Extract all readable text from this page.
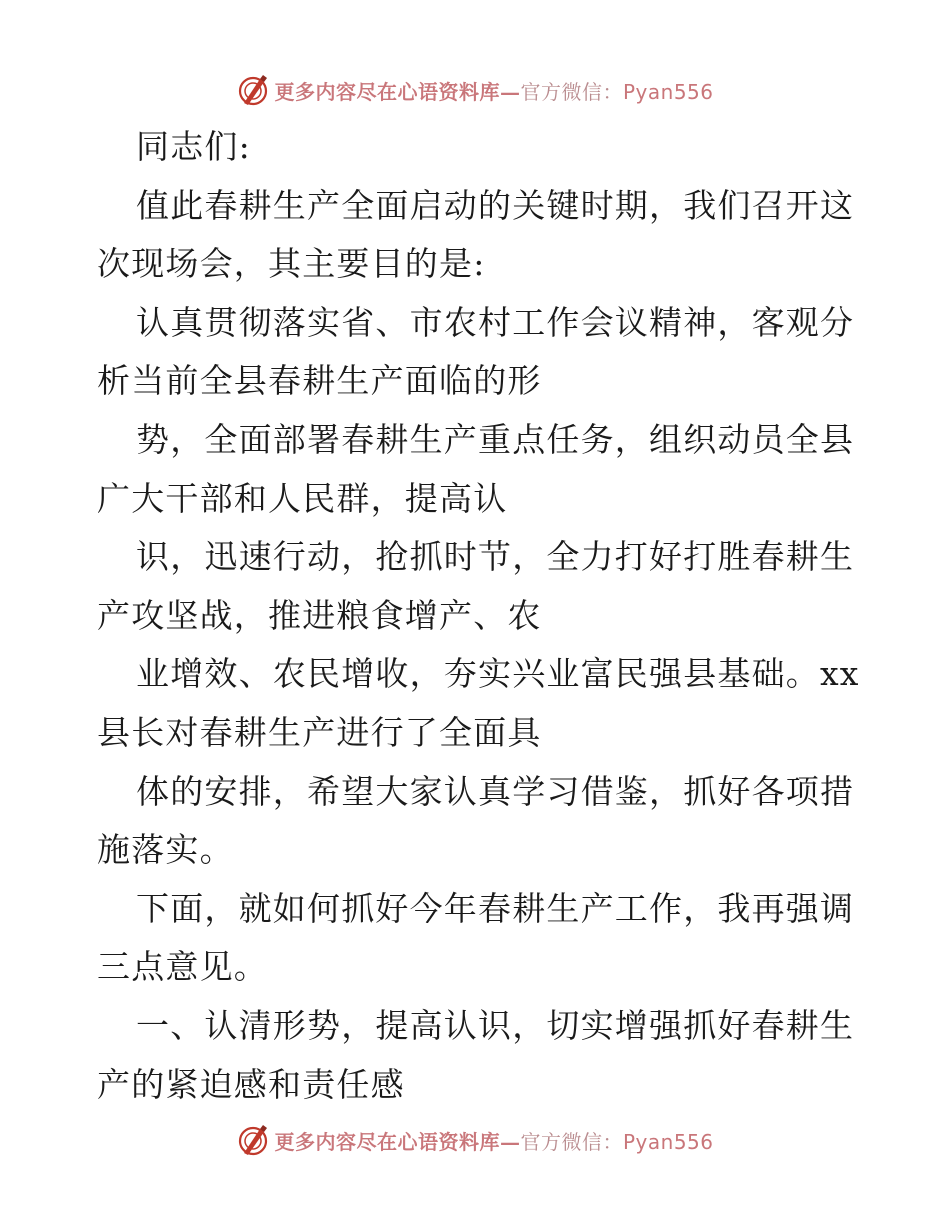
更多内容尽在心语资料库—官方微信：Pyan556
同志们:
值此春耕生产全面启动的关键时期，我们召开这
次现场会，其主要目的是:
认真贯彻落实省、市农村工作会议精神，客观分
析当前全县春耕生产面临的形
势，全面部署春耕生产重点任务，组织动员全县
广大干部和人民群，提高认
识，迅速行动，抢抓时节，全力打好打胜春耕生
产攻坚战，推进粮食增产、农
业增效、农民增收，夯实兴业富民强县基础。xx
县长对春耕生产进行了全面具
体的安排，希望大家认真学习借鉴，抓好各项措
施落实。
下面，就如何抓好今年春耕生产工作，我再强调
三点意见。
一、认清形势，提高认识，切实增强抓好春耕生
产的紧迫感和责任感
更多内容尽在心语资料库—官方微信：Pyan556
